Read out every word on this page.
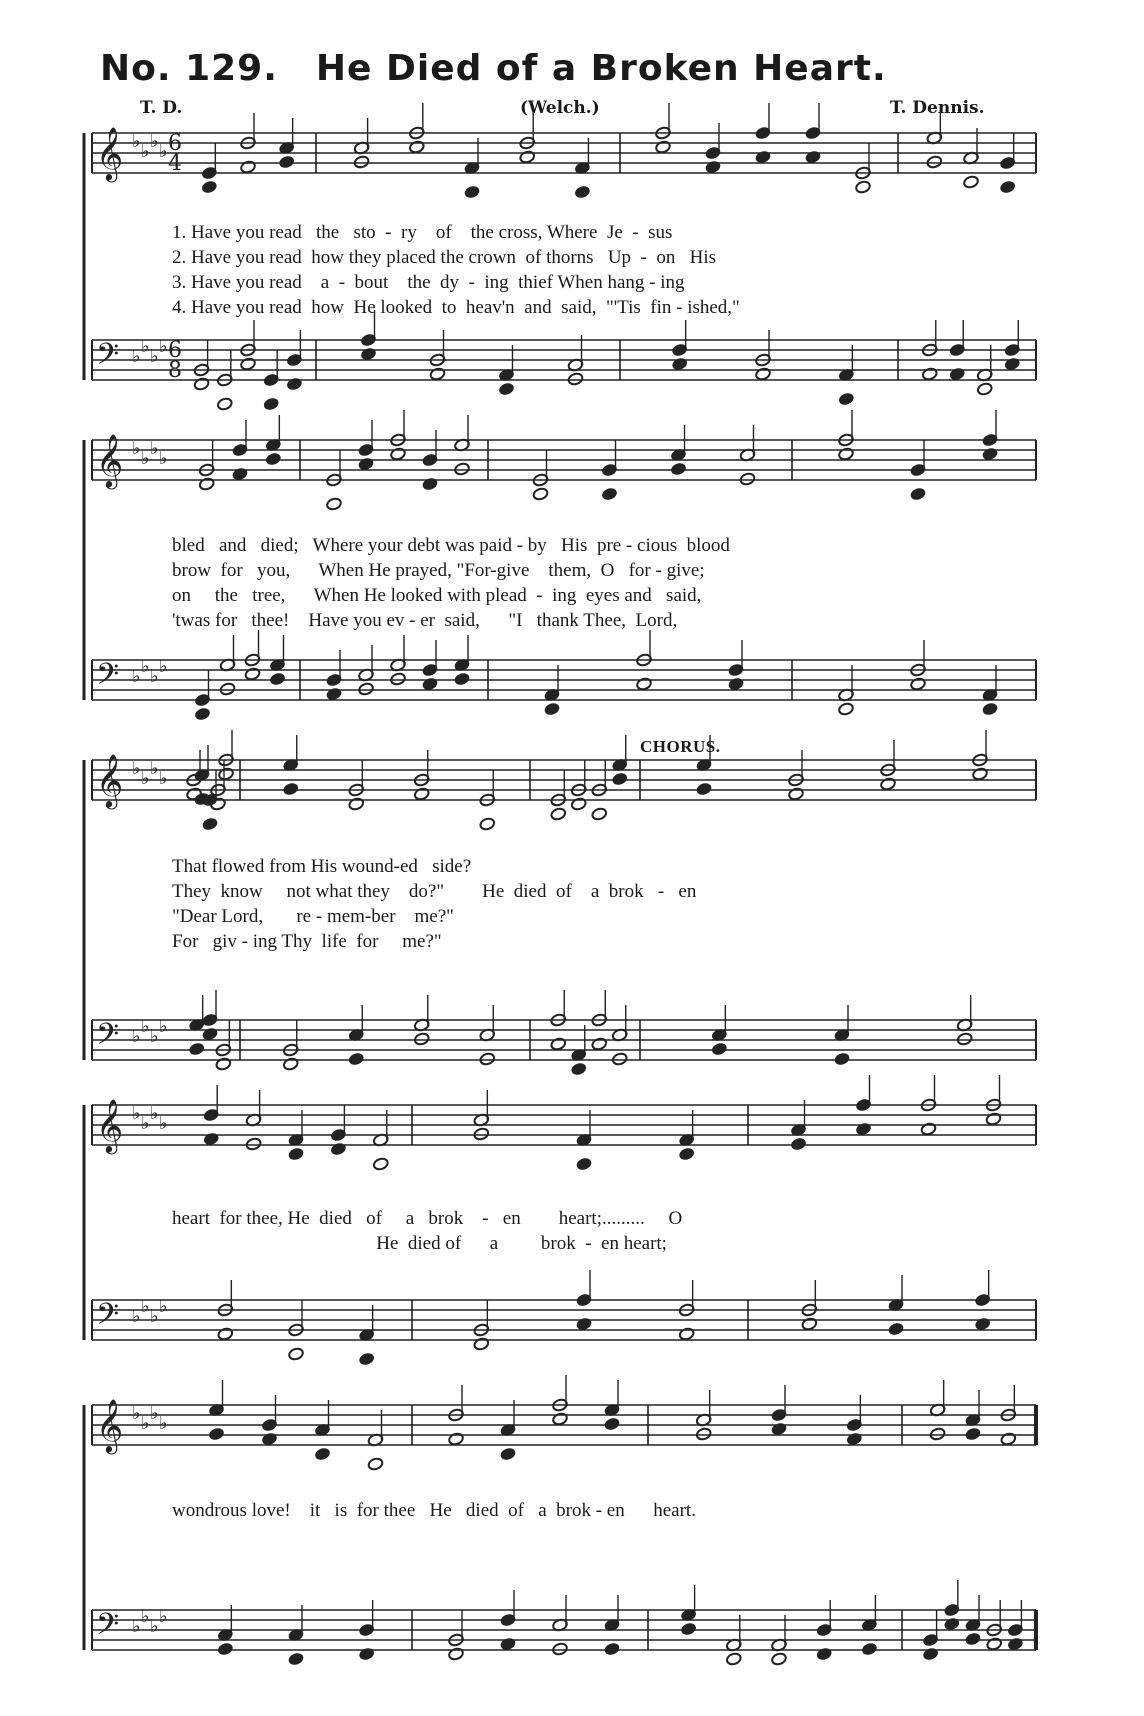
No. 129. He Died of a Broken Heart.
T. D.	(Welch.)	T. Dennis.
𝄞
𝄢
♭
♭
♭
♭
♭
♭
♭
♭
𝄞
𝄢
♭
♭
♭
♭
♭
♭
♭
♭
𝄞
𝄢
♭
♭
♭
♭
♭
♭
♭
♭
𝄞
𝄢
♭
♭
♭
♭
♭
♭
♭
♭
𝄞
𝄢
♭
♭
♭
♭
♭
♭
♭
♭
6
4
6
8
CHORUS.
1. Have you read   the   sto  -  ry    of    the cross, Where  Je  -  sus
2. Have you read  how they placed the crown  of thorns   Up  -  on   His
3. Have you read    a  -  bout    the  dy  -  ing  thief When hang - ing
4. Have you read  how  He looked  to  heav'n  and  said,  "'Tis  fin - ished,"
bled   and   died;   Where your debt was paid - by   His  pre - cious  blood
brow  for   you,      When He prayed, "For-give    them,  O   for - give;
on     the   tree,      When He looked with plead  -  ing  eyes and   said,
'twas for   thee!    Have you ev - er  said,      "I   thank Thee,  Lord,
That flowed from His wound-ed   side?
They  know     not what they    do?"        He  died  of    a  brok   -   en
"Dear Lord,       re - mem-ber    me?"
For   giv - ing Thy  life  for     me?"
heart  for thee, He  died   of     a   brok    -   en        heart;.........     O
He  died of      a         brok  -  en heart;
wondrous love!    it   is  for thee   He   died  of   a  brok - en      heart.
